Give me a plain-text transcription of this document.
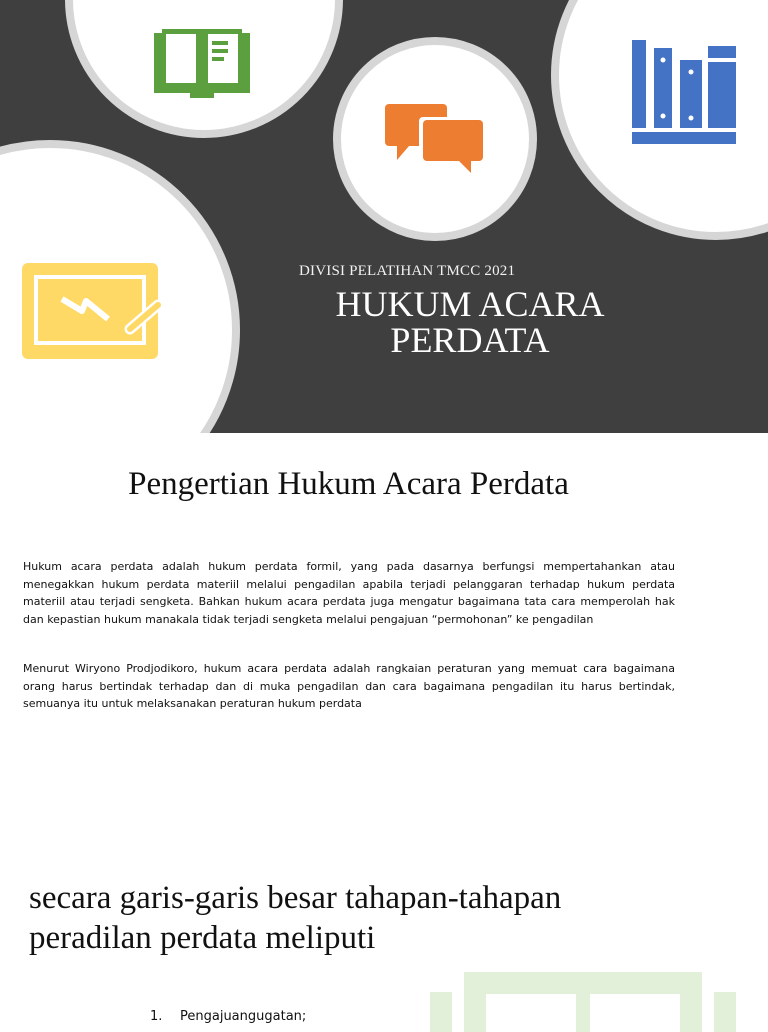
DIVISI PELATIHAN TMCC 2021
HUKUM ACARA
PERDATA
Pengertian Hukum Acara Perdata
Hukum acara perdata adalah hukum perdata formil, yang pada dasarnya berfungsi mempertahankan atau menegakkan hukum perdata materiil melalui pengadilan apabila terjadi pelanggaran terhadap hukum perdata materiil atau terjadi sengketa. Bahkan hukum acara perdata juga mengatur bagaimana tata cara memperolah hak dan kepastian hukum manakala tidak terjadi sengketa melalui pengajuan “permohonan” ke pengadilan
Menurut Wiryono Prodjodikoro, hukum acara perdata adalah rangkaian peraturan yang memuat cara bagaimana orang harus bertindak terhadap dan di muka pengadilan dan cara bagaimana pengadilan itu harus bertindak, semuanya itu untuk melaksanakan peraturan hukum perdata
secara garis-garis besar tahapan-tahapan
peradilan perdata meliputi
1.	Pengajuangugatan;
